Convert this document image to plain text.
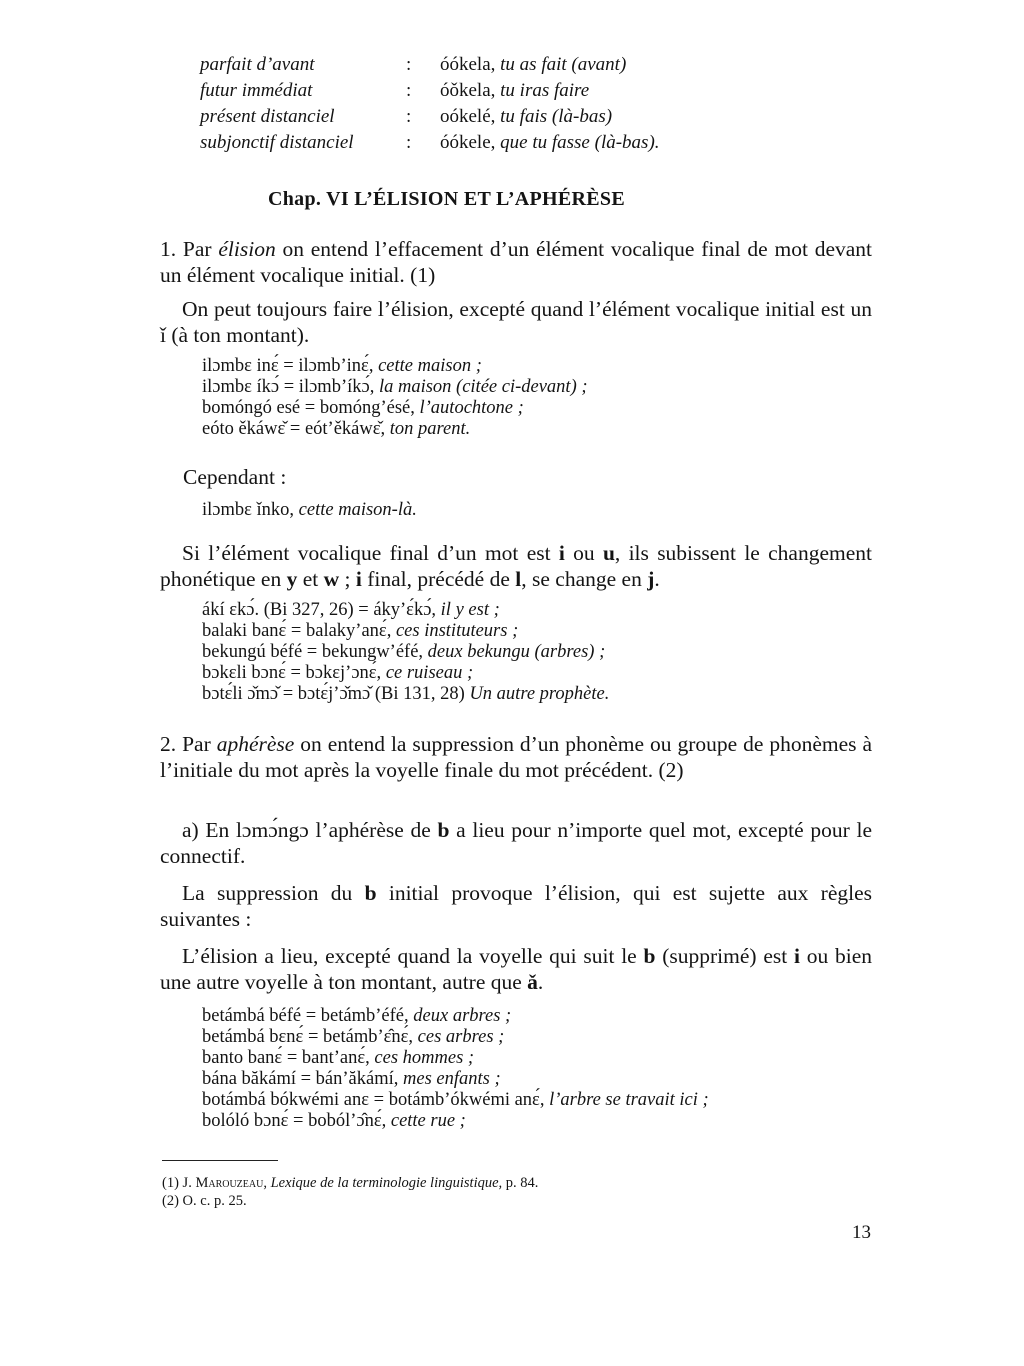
parfait d’avant	: óókela, tu as fait (avant)
futur immédiat	: óǒkela, tu iras faire
présent distanciel	: oókelé, tu fais (là-bas)
subjonctif distanciel	: óókele, que tu fasse (là-bas).
Chap. VI L’ÉLISION ET L’APHÉRÈSE
1. Par élision on entend l’effacement d’un élément vocalique final de mot devant un élément vocalique initial. (1)
On peut toujours faire l’élision, excepté quand l’élément vocalique initial est un ǐ (à ton montant).
ilɔmbɛ inɛ́ = ilɔmb’inɛ́, cette maison ;
ilɔmbɛ íkɔ́ = ilɔmb’íkɔ́, la maison (citée ci-devant) ;
bomóngó esé = bomóng’ésé, l’autochtone ;
eóto ěkáwɛ̌ = eót’ěkáwɛ̌, ton parent.
Cependant :
ilɔmbɛ ǐnko, cette maison-là.
Si l’élément vocalique final d’un mot est i ou u, ils subissent le changement phonétique en y et w ; i final, précédé de l, se change en j.
ákí ɛkɔ́. (Bi 327, 26) = áky’ɛ́kɔ́, il y est ;
balaki banɛ́ = balaky’anɛ́, ces instituteurs ;
bekungú béfé = bekungw’éfé, deux bekungu (arbres) ;
bɔkɛli bɔnɛ́ = bɔkɛj’ɔnɛ́, ce ruiseau ;
bɔtɛ́li ɔ̌mɔ̌ = bɔtɛ́j’ɔ̌mɔ̌ (Bi 131, 28) Un autre prophète.
2. Par aphérèse on entend la suppression d’un phonème ou groupe de phonèmes à l’initiale du mot après la voyelle finale du mot précédent. (2)
a) En lɔmɔ́ngɔ l’aphérèse de b a lieu pour n’importe quel mot, excepté pour le connectif.
La suppression du b initial provoque l’élision, qui est sujette aux règles suivantes :
L’élision a lieu, excepté quand la voyelle qui suit le b (supprimé) est i ou bien une autre voyelle à ton montant, autre que ǎ.
betámbá béfé = betámb’éfé, deux arbres ;
betámbá bɛnɛ́ = betámb’ɛ̂nɛ́, ces arbres ;
banto banɛ́ = bant’anɛ́, ces hommes ;
bána băkámí = bán’ăkámí, mes enfants ;
botámbá bókwémi anɛ = botámb’ókwémi anɛ́, l’arbre se travait ici ;
bolóló bɔnɛ́ = boból’ɔ̂nɛ́, cette rue ;
(1) J. Marouzeau, Lexique de la terminologie linguistique, p. 84.
(2) O. c. p. 25.
13
